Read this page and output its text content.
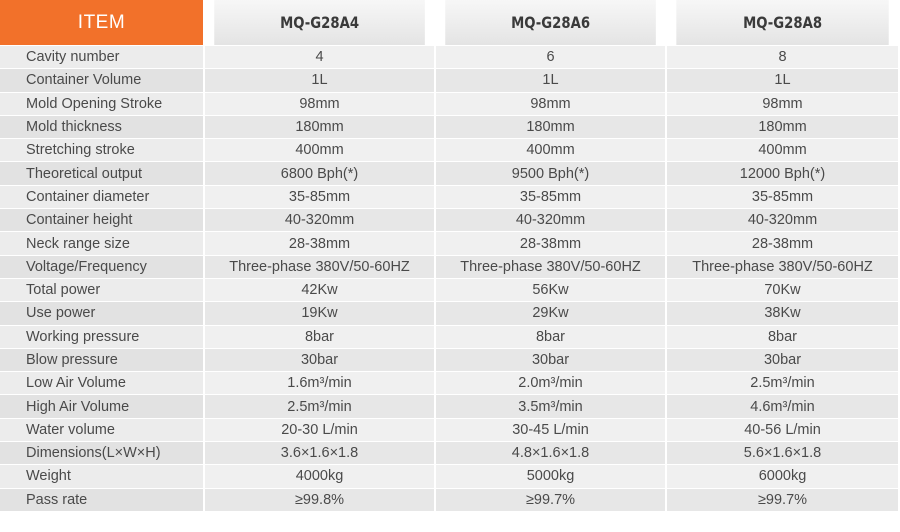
ITEM	MQ-G28A4	MQ-G28A6	MQ-G28A8
Cavity number	4	6	8
Container Volume	1L	1L	1L
Mold Opening Stroke	98mm	98mm	98mm
Mold thickness	180mm	180mm	180mm
Stretching stroke	400mm	400mm	400mm
Theoretical output	6800 Bph(*)	9500 Bph(*)	12000 Bph(*)
Container diameter	35-85mm	35-85mm	35-85mm
Container height	40-320mm	40-320mm	40-320mm
Neck range size	28-38mm	28-38mm	28-38mm
Voltage/Frequency	Three-phase 380V/50-60HZ	Three-phase 380V/50-60HZ	Three-phase 380V/50-60HZ
Total power	42Kw	56Kw	70Kw
Use power	19Kw	29Kw	38Kw
Working pressure	8bar	8bar	8bar
Blow pressure	30bar	30bar	30bar
Low Air Volume	1.6m³/min	2.0m³/min	2.5m³/min
High Air Volume	2.5m³/min	3.5m³/min	4.6m³/min
Water volume	20-30 L/min	30-45 L/min	40-56 L/min
Dimensions(L×W×H)	3.6×1.6×1.8	4.8×1.6×1.8	5.6×1.6×1.8
Weight	4000kg	5000kg	6000kg
Pass rate	≥99.8%	≥99.7%	≥99.7%
